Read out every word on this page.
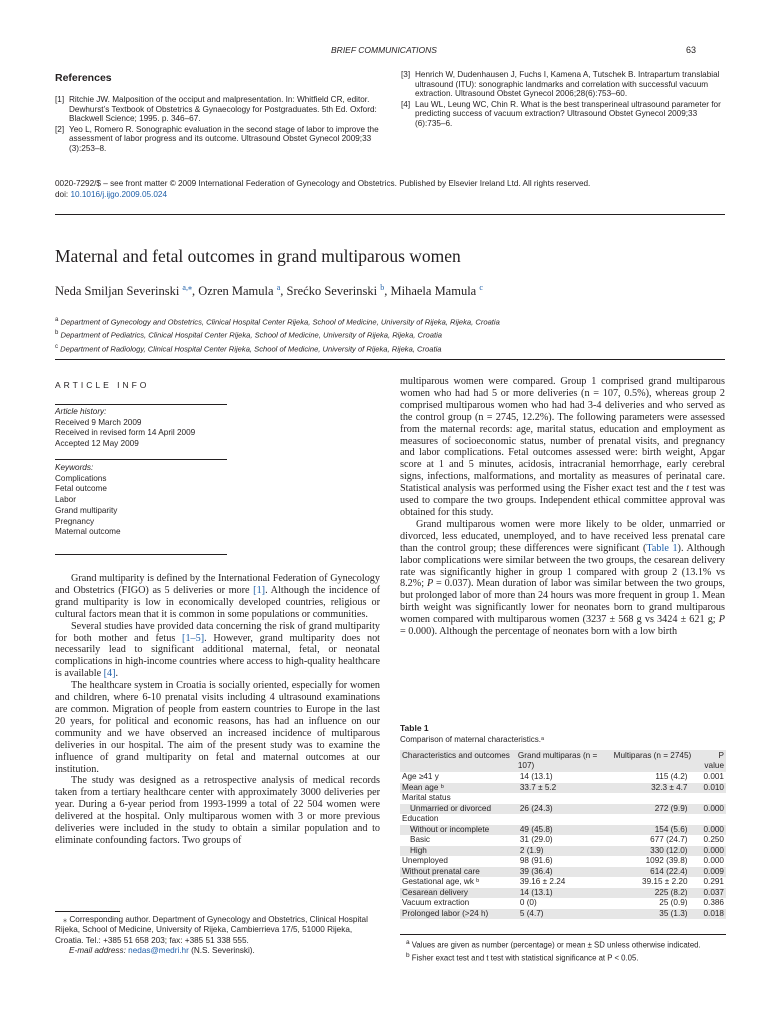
BRIEF COMMUNICATIONS	63
References
[1] Ritchie JW. Malposition of the occiput and malpresentation. In: Whitfield CR, editor. Dewhurst’s Textbook of Obstetrics & Gynaecology for Postgraduates. 5th Ed. Oxford: Blackwell Science; 1995. p. 346–67.
[2] Yeo L, Romero R. Sonographic evaluation in the second stage of labor to improve the assessment of labor progress and its outcome. Ultrasound Obstet Gynecol 2009;33 (3):253–8.
[3] Henrich W, Dudenhausen J, Fuchs I, Kamena A, Tutschek B. Intrapartum translabial ultrasound (ITU): sonographic landmarks and correlation with successful vacuum extraction. Ultrasound Obstet Gynecol 2006;28(6):753–60.
[4] Lau WL, Leung WC, Chin R. What is the best transperineal ultrasound parameter for predicting success of vacuum extraction? Ultrasound Obstet Gynecol 2009;33 (6):735–6.
0020-7292/$ – see front matter © 2009 International Federation of Gynecology and Obstetrics. Published by Elsevier Ireland Ltd. All rights reserved.
doi: 10.1016/j.ijgo.2009.05.024
Maternal and fetal outcomes in grand multiparous women
Neda Smiljan Severinski $^{a,⁎}$, Ozren Mamula $^a$, Srećko Severinski $^b$, Mihaela Mamula $^c$
$^a$ Department of Gynecology and Obstetrics, Clinical Hospital Center Rijeka, School of Medicine, University of Rijeka, Rijeka, Croatia
$^b$ Department of Pediatrics, Clinical Hospital Center Rijeka, School of Medicine, University of Rijeka, Rijeka, Croatia
$^c$ Department of Radiology, Clinical Hospital Center Rijeka, School of Medicine, University of Rijeka, Rijeka, Croatia
ARTICLE INFO
Article history:
Received 9 March 2009
Received in revised form 14 April 2009
Accepted 12 May 2009
Keywords:
Complications
Fetal outcome
Labor
Grand multiparity
Pregnancy
Maternal outcome

Grand multiparity is defined by the International Federation of Gynecology and Obstetrics (FIGO) as 5 deliveries or more [1]. Although the incidence of grand multiparity is low in economically developed countries, religious or cultural factors mean that it is common in some populations or communities.

Several studies have provided data concerning the risk of grand multiparity for both mother and fetus [1–5]. However, grand multiparity does not necessarily lead to significant additional maternal, fetal, or neonatal complications in high-income countries where access to high-quality healthcare is available [4].

The healthcare system in Croatia is socially oriented, especially for women and children, where 6-10 prenatal visits including 4 ultrasound examinations are common. Migration of people from eastern countries to Europe in the last 20 years, for political and economic reasons, has had an influence on our community and we have observed an increased incidence of multiparous deliveries in our hospital. The aim of the present study was to examine the influence of grand multiparity on fetal and maternal outcomes at our institution.

The study was designed as a retrospective analysis of medical records taken from a tertiary healthcare center with approximately 3000 deliveries per year. During a 6-year period from 1993-1999 a total of 22 504 women were delivered at the hospital. Only multiparous women with 3 or more previous deliveries were included in the study to obtain a similar population and to eliminate confounding factors. Two groups of

⁎ Corresponding author. Department of Gynecology and Obstetrics, Clinical Hospital Rijeka, School of Medicine, University of Rijeka, Cambierrieva 17/5, 51000 Rijeka, Croatia. Tel.: +385 51 658 203; fax: +385 51 338 555.
E-mail address: nedas@medri.hr (N.S. Severinski).

multiparous women were compared. Group 1 comprised grand multiparous women who had had 5 or more deliveries (n = 107, 0.5%), whereas group 2 comprised multiparous women who had had 3-4 deliveries and who served as the control group (n = 2745, 12.2%). The following parameters were assessed from the maternal records: age, marital status, education and employment as measures of socioeconomic status, number of prenatal visits, and pregnancy and labor complications. Fetal outcomes assessed were: birth weight, Apgar score at 1 and 5 minutes, acidosis, intracranial hemorrhage, early cerebral signs, infections, malformations, and mortality as measures of perinatal care. Statistical analysis was performed using the Fisher exact test and the t test was used to compare the two groups. Independent ethical committee approval was obtained for this study.

Grand multiparous women were more likely to be older, unmarried or divorced, less educated, unemployed, and to have received less prenatal care than the control group; these differences were significant (Table 1). Although labor complications were similar between the two groups, the cesarean delivery rate was significantly higher in group 1 compared with group 2 (13.1% vs 8.2%; P = 0.037). Mean duration of labor was similar between the two groups, but prolonged labor of more than 24 hours was more frequent in group 1. Mean birth weight was significantly lower for neonates born to grand multiparous women compared with multiparous women (3237 ± 568 g vs 3424 ± 621 g; P = 0.000). Although the percentage of neonates born with a low birth

Table 1
Comparison of maternal characteristics.ᵃ
Characteristics and outcomes	Grand multiparas (n = 107)	Multiparas (n = 2745)	P value
Age ≥41 y	14 (13.1)	115 (4.2)	0.001
Mean age ᵇ	33.7 ± 5.2	32.3 ± 4.7	0.010
Marital status			
Unmarried or divorced	26 (24.3)	272 (9.9)	0.000
Education			
Without or incomplete	49 (45.8)	154 (5.6)	0.000
Basic	31 (29.0)	677 (24.7)	0.250
High	2 (1.9)	330 (12.0)	0.000
Unemployed	98 (91.6)	1092 (39.8)	0.000
Without prenatal care	39 (36.4)	614 (22.4)	0.009
Gestational age, wk ᵇ	39.16 ± 2.24	39.15 ± 2.20	0.291
Cesarean delivery	14 (13.1)	225 (8.2)	0.037
Vacuum extraction	0 (0)	25 (0.9)	0.386
Prolonged labor (>24 h)	5 (4.7)	35 (1.3)	0.018
$^a$ Values are given as number (percentage) or mean ± SD unless otherwise indicated.
$^b$ Fisher exact test and t test with statistical significance at P < 0.05.
